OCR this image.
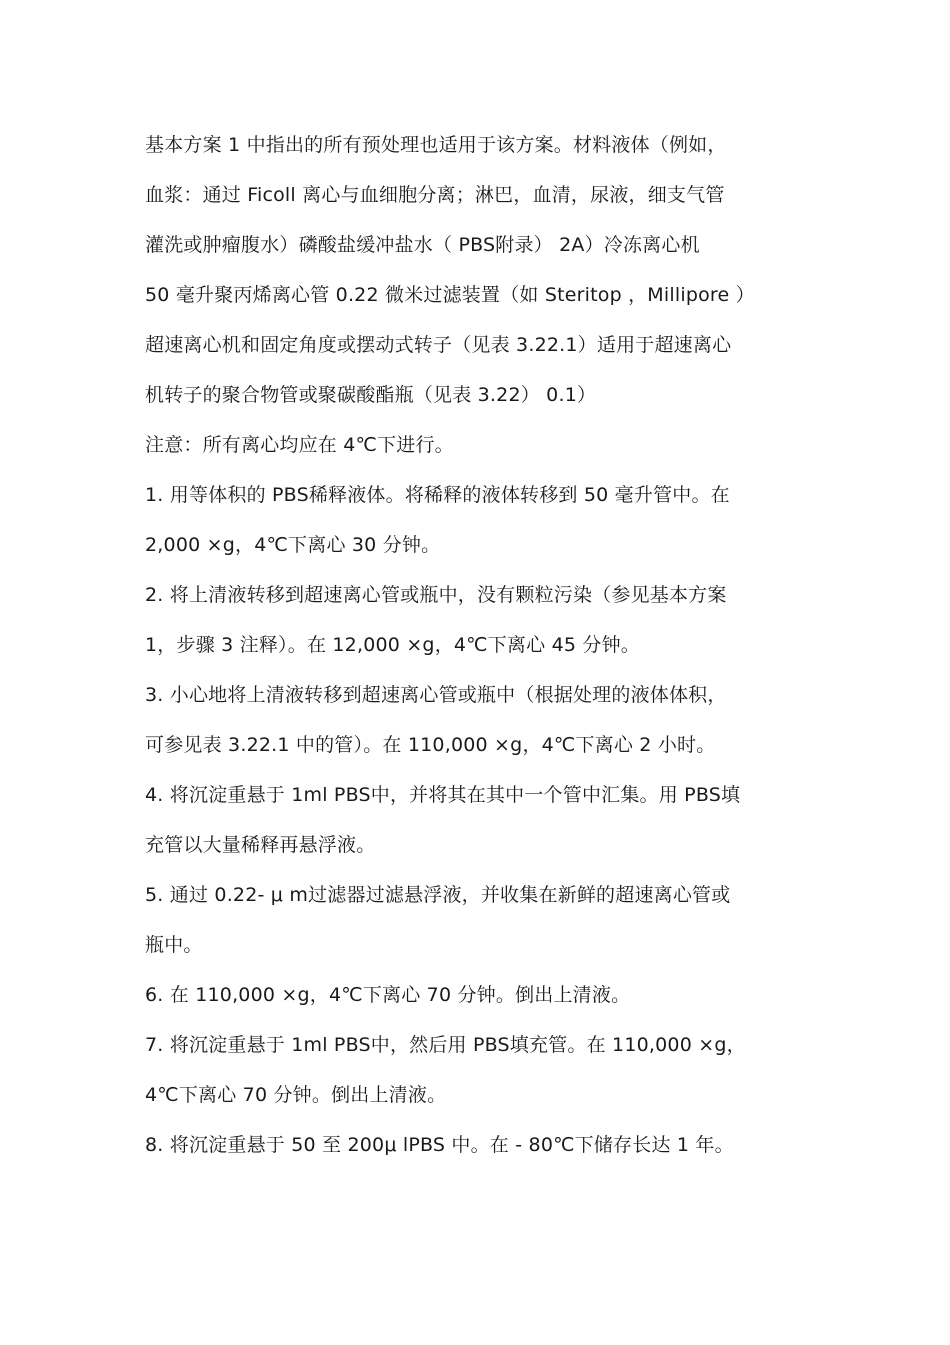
基本方案 1 中指出的所有预处理也适用于该方案。材料液体（例如，
血浆：通过 Ficoll 离心与血细胞分离；淋巴，血清，尿液，细支气管
灌洗或肿瘤腹水）磷酸盐缓冲盐水（ PBS附录） 2A）冷冻离心机
50 毫升聚丙烯离心管 0.22 微米过滤装置（如 Steritop ，Millipore ）
超速离心机和固定角度或摆动式转子（见表 3.22.1）适用于超速离心
机转子的聚合物管或聚碳酸酯瓶（见表 3.22） 0.1）
注意：所有离心均应在 4℃下进行。
1. 用等体积的 PBS稀释液体。将稀释的液体转移到 50 毫升管中。在
2,000 ×g，4℃下离心 30 分钟。
2. 将上清液转移到超速离心管或瓶中，没有颗粒污染（参见基本方案
1，步骤 3 注释）。在 12,000 ×g，4℃下离心 45 分钟。
3. 小心地将上清液转移到超速离心管或瓶中（根据处理的液体体积，
可参见表 3.22.1 中的管）。在 110,000 ×g，4℃下离心 2 小时。
4. 将沉淀重悬于 1ml PBS中，并将其在其中一个管中汇集。用 PBS填
充管以大量稀释再悬浮液。
5. 通过 0.22- μ m过滤器过滤悬浮液，并收集在新鲜的超速离心管或
瓶中。
6. 在 110,000 ×g，4℃下离心 70 分钟。倒出上清液。
7. 将沉淀重悬于 1ml PBS中，然后用 PBS填充管。在 110,000 ×g，
4℃下离心 70 分钟。倒出上清液。
8. 将沉淀重悬于 50 至 200μ lPBS 中。在 - 80℃下储存长达 1 年。
